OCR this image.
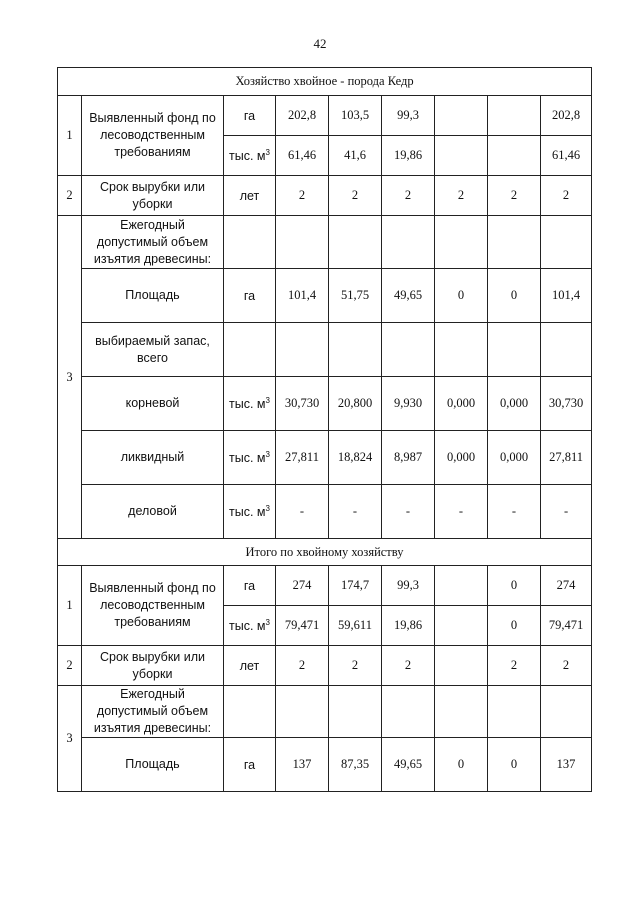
42
Хозяйство хвойное - порода Кедр								
1	Выявленный фонд по лесоводственным требованиям	га	202,8	103,5	99,3			202,8
		тыс. $м^3$	61,46	41,6	19,86			61,46
2	Срок вырубки или уборки	лет	2	2	2	2	2	2
3	Ежегодный допустимый объем изъятия древесины:							
	Площадь	га	101,4	51,75	49,65	0	0	101,4
	выбираемый запас, всего							
	корневой	тыс. $м^3$	30,730	20,800	9,930	0,000	0,000	30,730
	ликвидный	тыс. $м^3$	27,811	18,824	8,987	0,000	0,000	27,811
	деловой	тыс. $м^3$	-	-	-	-	-	-
Итого по хвойному хозяйству								
1	Выявленный фонд по лесоводственным требованиям	га	274	174,7	99,3		0	274
		тыс. $м^3$	79,471	59,611	19,86		0	79,471
2	Срок вырубки или уборки	лет	2	2	2		2	2
3	Ежегодный допустимый объем изъятия древесины:							
	Площадь	га	137	87,35	49,65	0	0	137
